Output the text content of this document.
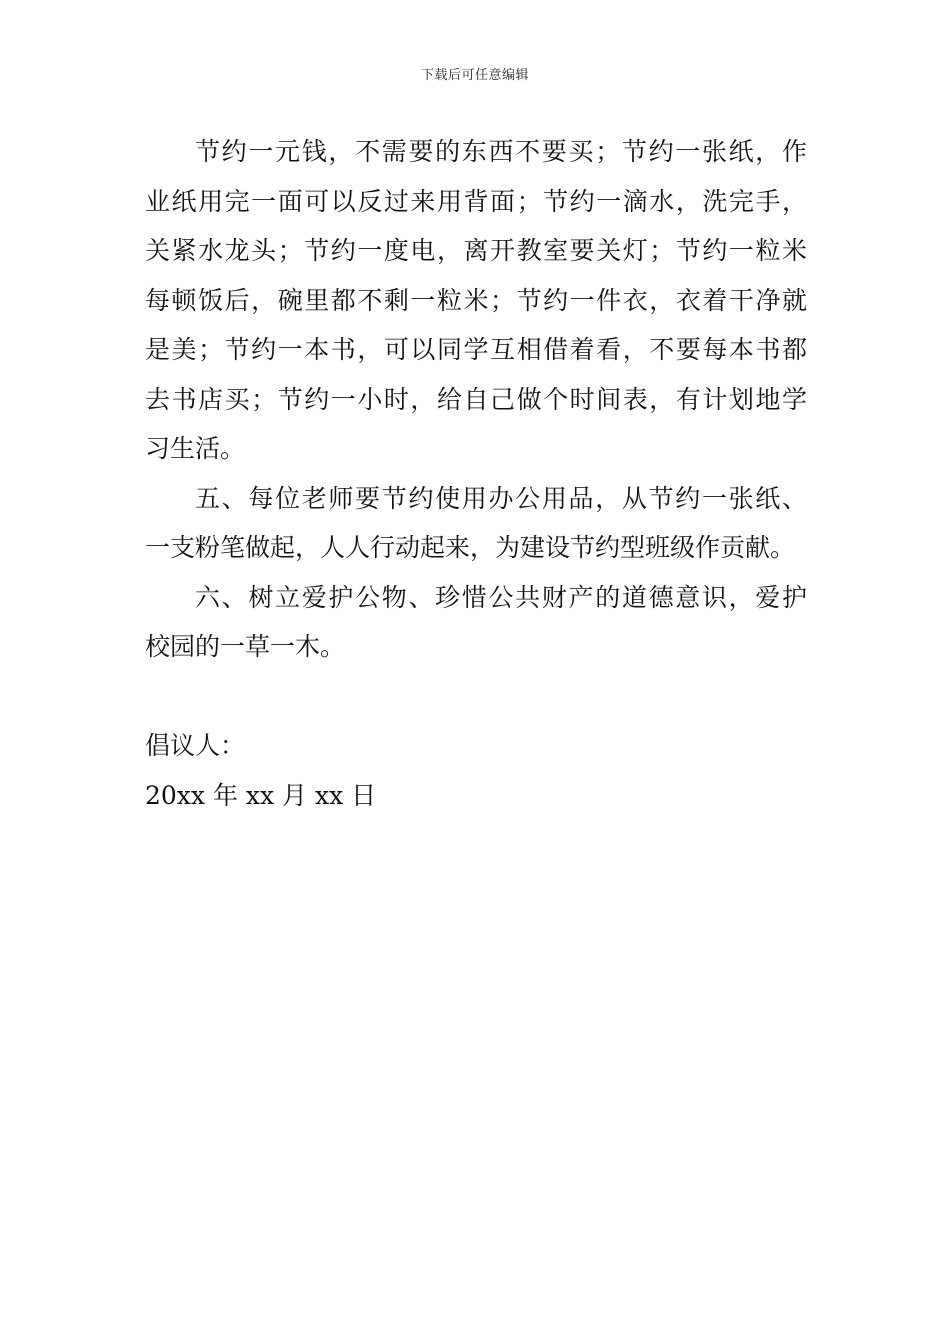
下载后可任意编辑
节约一元钱，不需要的东西不要买；节约一张纸，作
业纸用完一面可以反过来用背面；节约一滴水，洗完手，
关紧水龙头；节约一度电，离开教室要关灯；节约一粒米
每顿饭后，碗里都不剩一粒米；节约一件衣，衣着干净就
是美；节约一本书，可以同学互相借着看，不要每本书都
去书店买；节约一小时，给自己做个时间表，有计划地学
习生活。
五、每位老师要节约使用办公用品，从节约一张纸、
一支粉笔做起，人人行动起来，为建设节约型班级作贡献。
六、树立爱护公物、珍惜公共财产的道德意识，爱护
校园的一草一木。
倡议人：
20xx 年 xx 月 xx 日
